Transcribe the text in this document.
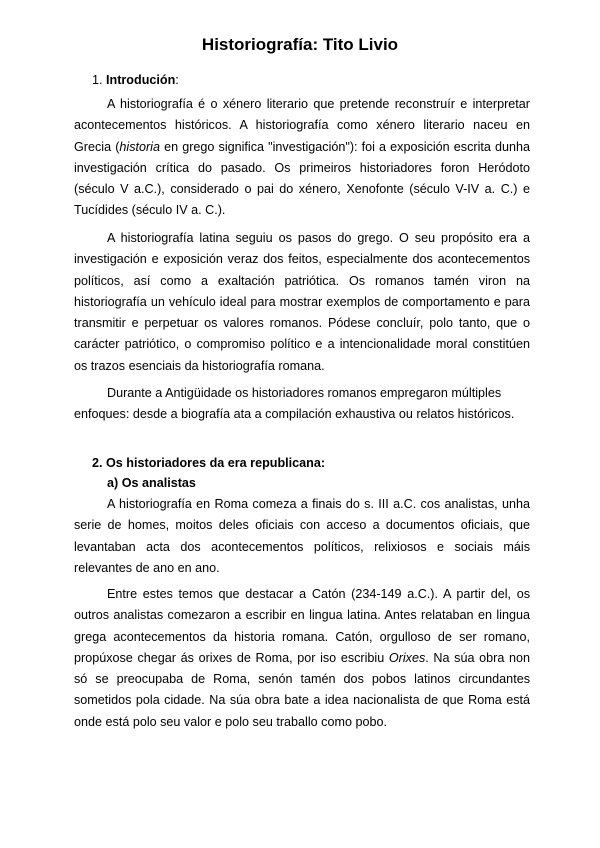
Historiografía: Tito Livio
1. Introdución:

A historiografía é o xénero literario que pretende reconstruír e interpretar acontecementos históricos. A historiografía como xénero literario naceu en Grecia (historia en grego significa "investigación"): foi a exposición escrita dunha investigación crítica do pasado. Os primeiros historiadores foron Heródoto (século V a.C.), considerado o pai do xénero, Xenofonte (século V-IV a. C.) e Tucídides (século IV a. C.).

A historiografía latina seguiu os pasos do grego. O seu propósito era a investigación e exposición veraz dos feitos, especialmente dos acontecementos políticos, así como a exaltación patriótica. Os romanos tamén viron na historiografía un vehículo ideal para mostrar exemplos de comportamento e para transmitir e perpetuar os valores romanos. Pódese concluír, polo tanto, que o carácter patriótico, o compromiso político e a intencionalidade moral constitúen os trazos esenciais da historiografía romana.

Durante a Antigüidade os historiadores romanos empregaron múltiples enfoques: desde a biografía ata a compilación exhaustiva ou relatos históricos.

2. Os historiadores da era republicana:
a) Os analistas

A historiografía en Roma comeza a finais do s. III a.C. cos analistas, unha serie de homes, moitos deles oficiais con acceso a documentos oficiais, que levantaban acta dos acontecementos políticos, relixiosos e sociais máis relevantes de ano en ano.

Entre estes temos que destacar a Catón (234-149 a.C.). A partir del, os outros analistas comezaron a escribir en lingua latina. Antes relataban en lingua grega acontecementos da historia romana. Catón, orgulloso de ser romano, propúxose chegar ás orixes de Roma, por iso escribiu Orixes. Na súa obra non só se preocupaba de Roma, senón tamén dos pobos latinos circundantes sometidos pola cidade. Na súa obra bate a idea nacionalista de que Roma está onde está polo seu valor e polo seu traballo como pobo.
